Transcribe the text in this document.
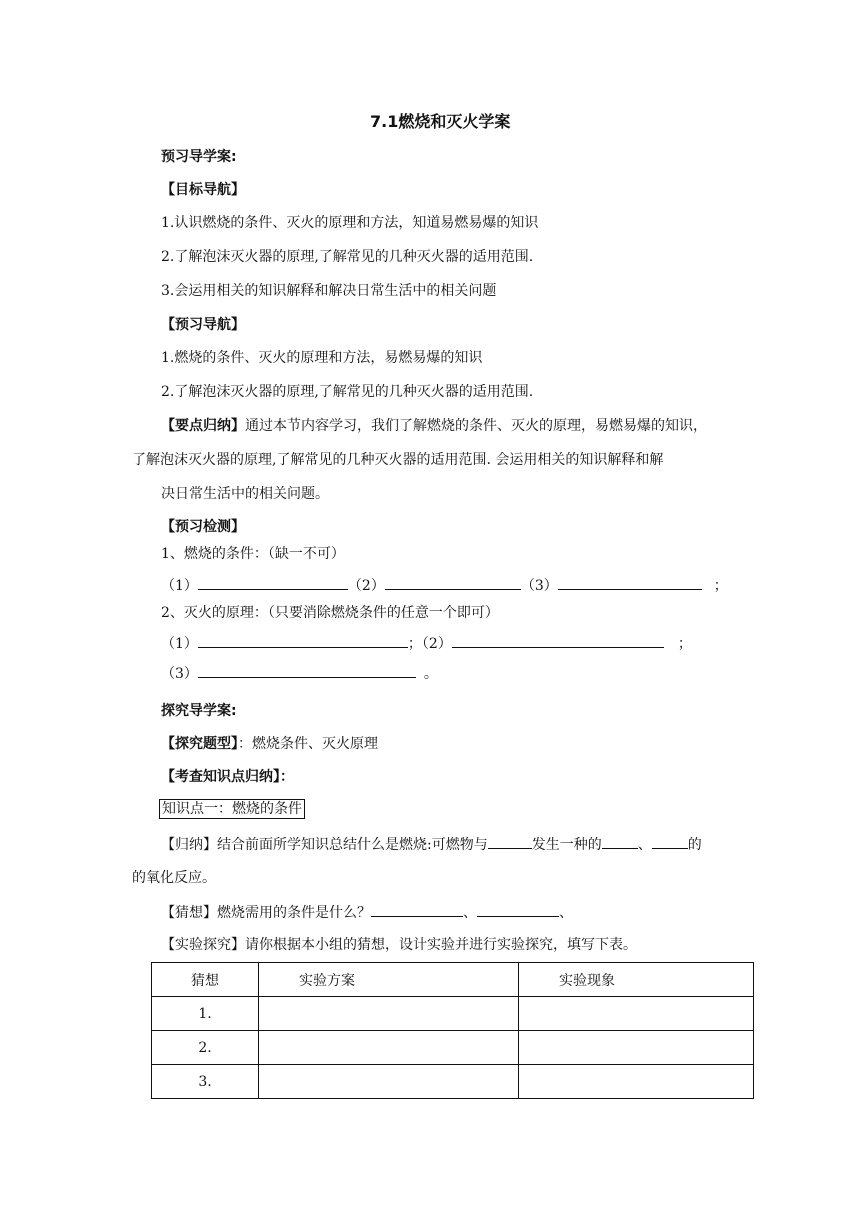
7.1燃烧和灭火学案
预习导学案:
【目标导航】
1.认识燃烧的条件、灭火的原理和方法，知道易燃易爆的知识
2.了解泡沫灭火器的原理,了解常见的几种灭火器的适用范围.
3.会运用相关的知识解释和解决日常生活中的相关问题
【预习导航】
1.燃烧的条件、灭火的原理和方法，易燃易爆的知识
2.了解泡沫灭火器的原理,了解常见的几种灭火器的适用范围.
【要点归纳】通过本节内容学习，我们了解燃烧的条件、灭火的原理，易燃易爆的知识，
了解泡沫灭火器的原理,了解常见的几种灭火器的适用范围. 会运用相关的知识解释和解
决日常生活中的相关问题。
【预习检测】
1、燃烧的条件：（缺一不可）
（1）	（2）	（3）	；
2、灭火的原理：（只要消除燃烧条件的任意一个即可）
（1）	；（2）	；
（3）	。
探究导学案:
【探究题型】：燃烧条件、灭火原理
【考查知识点归纳】：
知识点一：燃烧的条件
【归纳】结合前面所学知识总结什么是燃烧:可燃物与	发生一种的	、	的
的氧化反应。
【猜想】燃烧需用的条件是什么？	、	、
【实验探究】请你根据本小组的猜想，设计实验并进行实验探究，填写下表。
猜想	实验方案	实验现象
1.		
2.		
3.		
